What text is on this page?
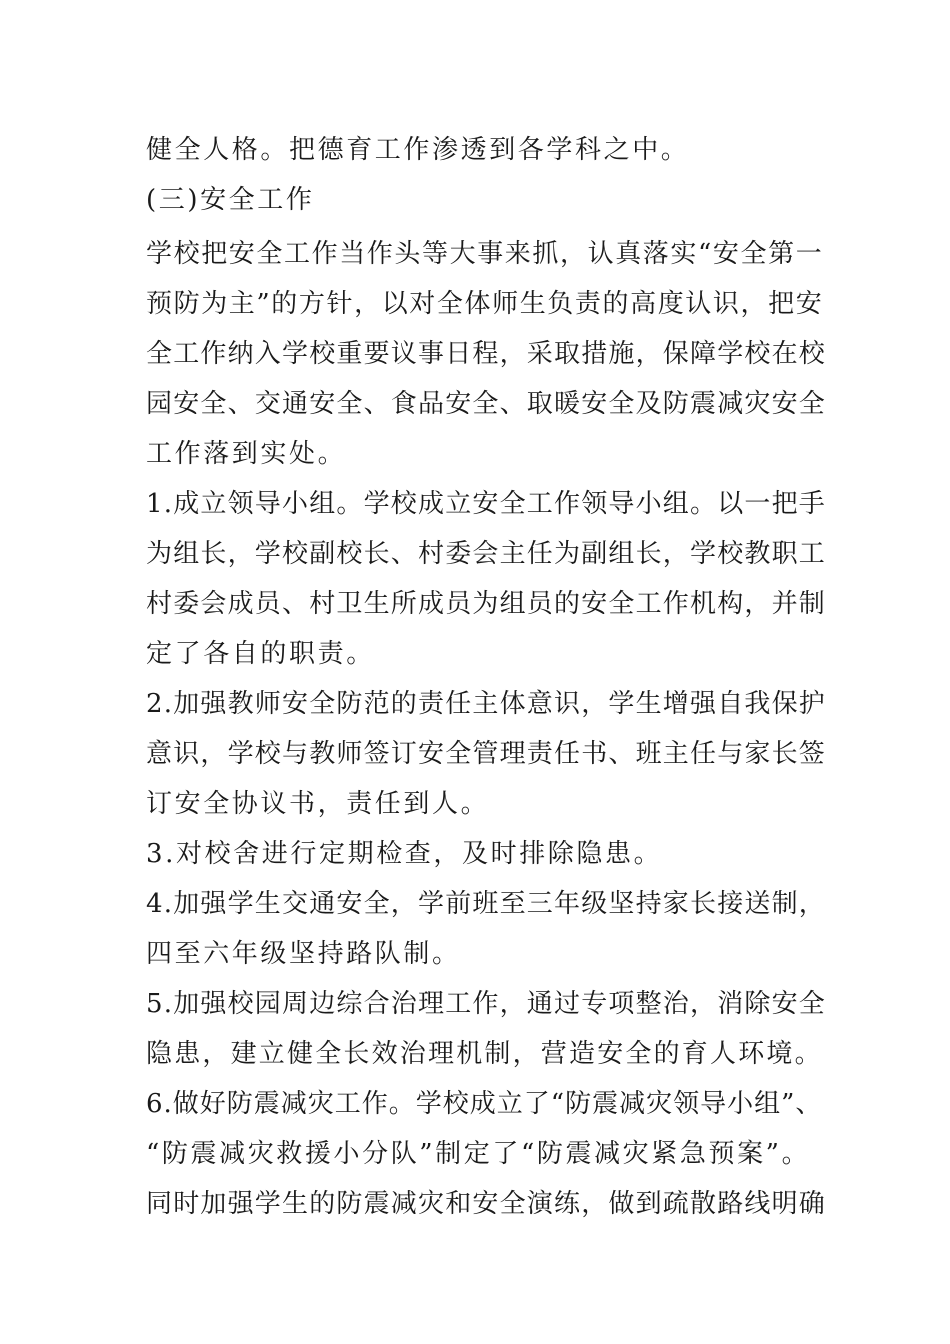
健全人格。把德育工作渗透到各学科之中。
(三)安全工作
学校把安全工作当作头等大事来抓，认真落实“安全第一
预防为主”的方针，以对全体师生负责的高度认识，把安
全工作纳入学校重要议事日程，采取措施，保障学校在校
园安全、交通安全、食品安全、取暖安全及防震减灾安全
工作落到实处。
1.成立领导小组。学校成立安全工作领导小组。以一把手
为组长，学校副校长、村委会主任为副组长，学校教职工
村委会成员、村卫生所成员为组员的安全工作机构，并制
定了各自的职责。
2.加强教师安全防范的责任主体意识，学生增强自我保护
意识，学校与教师签订安全管理责任书、班主任与家长签
订安全协议书，责任到人。
3.对校舍进行定期检查，及时排除隐患。
4.加强学生交通安全，学前班至三年级坚持家长接送制，
四至六年级坚持路队制。
5.加强校园周边综合治理工作，通过专项整治，消除安全
隐患，建立健全长效治理机制，营造安全的育人环境。
6.做好防震减灾工作。学校成立了“防震减灾领导小组”、
“防震减灾救援小分队”制定了“防震减灾紧急预案”。
同时加强学生的防震减灾和安全演练，做到疏散路线明确
